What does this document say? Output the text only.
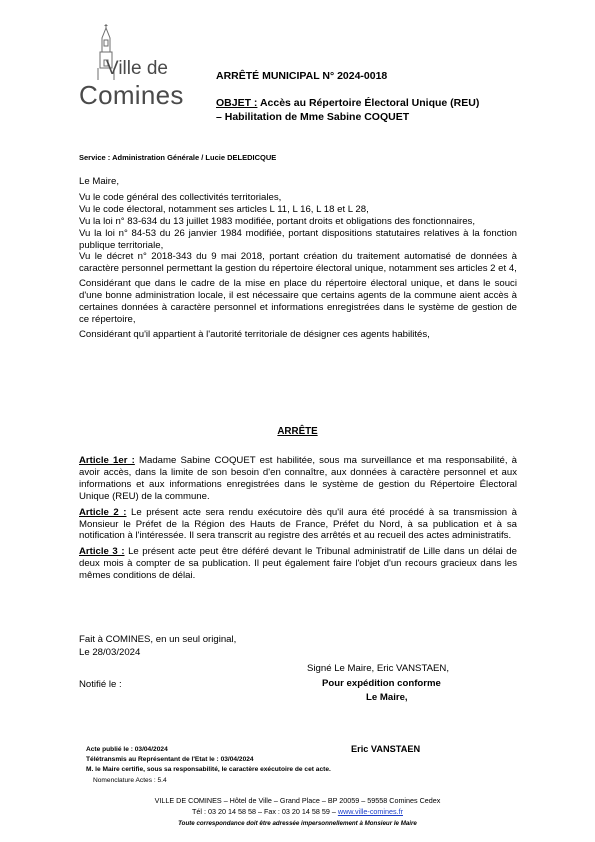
Ville de
Comines
ARRÊTÉ MUNICIPAL N° 2024-0018
OBJET : Accès au Répertoire Électoral Unique (REU)
– Habilitation de Mme Sabine COQUET
Service : Administration Générale / Lucie DELEDICQUE

Le Maire,

Vu le code général des collectivités territoriales,

Vu le code électoral, notamment ses articles L 11, L 16, L 18 et L 28,

Vu la loi n° 83-634 du 13 juillet 1983 modifiée, portant droits et obligations des fonctionnaires,

Vu la loi n° 84-53 du 26 janvier 1984 modifiée, portant dispositions statutaires relatives à la fonction publique territoriale,

Vu le décret n° 2018-343 du 9 mai 2018, portant création du traitement automatisé de données à caractère personnel permettant la gestion du répertoire électoral unique, notamment ses articles 2 et 4,

Considérant que dans le cadre de la mise en place du répertoire électoral unique, et dans le souci d'une bonne administration locale, il est nécessaire que certains agents de la commune aient accès à certaines données à caractère personnel et informations enregistrées dans le système de gestion de ce répertoire,

Considérant qu'il appartient à l'autorité territoriale de désigner ces agents habilités,

ARRÊTE

Article 1er : Madame Sabine COQUET est habilitée, sous ma surveillance et ma responsabilité, à avoir accès, dans la limite de son besoin d'en connaître, aux données à caractère personnel et aux informations et aux informations enregistrées dans le système de gestion du Répertoire Électoral Unique (REU) de la commune.

Article 2 : Le présent acte sera rendu exécutoire dès qu'il aura été procédé à sa transmission à Monsieur le Préfet de la Région des Hauts de France, Préfet du Nord, à sa publication et à sa notification à l'intéressée. Il sera transcrit au registre des arrêtés et au recueil des actes administratifs.

Article 3 : Le présent acte peut être déféré devant le Tribunal administratif de Lille dans un délai de deux mois à compter de sa publication. Il peut également faire l'objet d'un recours gracieux dans les mêmes conditions de délai.

Fait à COMINES, en un seul original,
Le 28/03/2024
Signé Le Maire, Eric VANSTAEN,
Notifié le :	Pour expédition conforme
Le Maire,
Acte publié le : 03/04/2024	Eric VANSTAEN
Télétransmis au Représentant de l'Etat le : 03/04/2024
M. le Maire certifie, sous sa responsabilité, le caractère exécutoire de cet acte.
Nomenclature Actes : 5.4
VILLE DE COMINES – Hôtel de Ville – Grand Place – BP 20059 – 59558 Comines Cedex
Tél : 03 20 14 58 58 – Fax : 03 20 14 58 59 – www.ville-comines.fr
Toute correspondance doit être adressée impersonnellement à Monsieur le Maire
